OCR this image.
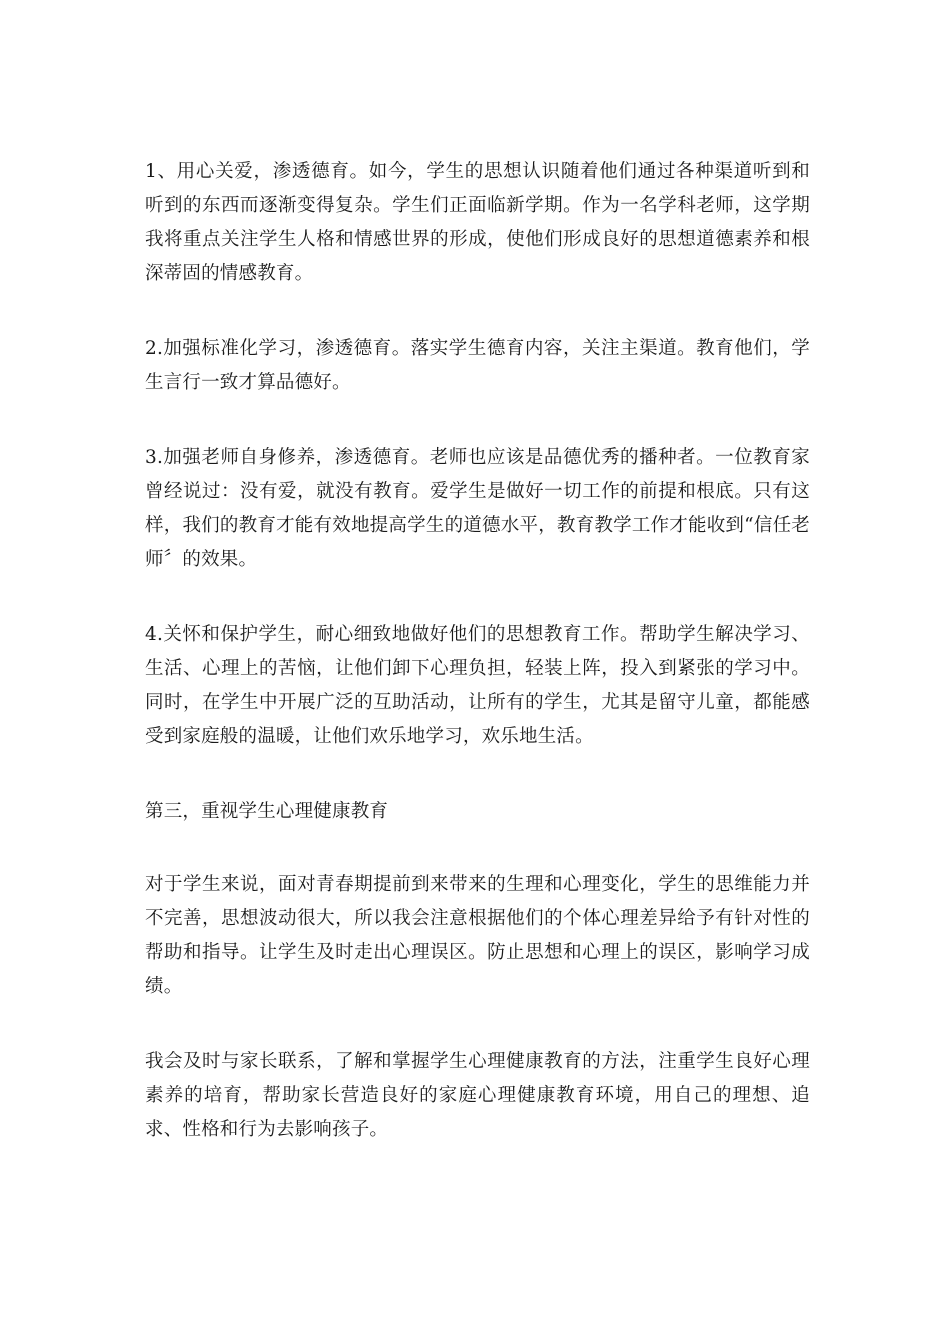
1、用心关爱，渗透德育。如今，学生的思想认识随着他们通过各种渠道听到和听到的东西而逐渐变得复杂。学生们正面临新学期。作为一名学科老师，这学期我将重点关注学生人格和情感世界的形成，使他们形成良好的思想道德素养和根深蒂固的情感教育。

2.加强标准化学习，渗透德育。落实学生德育内容，关注主渠道。教育他们，学生言行一致才算品德好。

3.加强老师自身修养，渗透德育。老师也应该是品德优秀的播种者。一位教育家曾经说过：没有爱，就没有教育。爱学生是做好一切工作的前提和根底。只有这样，我们的教育才能有效地提高学生的道德水平，教育教学工作才能收到“信任老师〞的效果。

4.关怀和保护学生，耐心细致地做好他们的思想教育工作。帮助学生解决学习、生活、心理上的苦恼，让他们卸下心理负担，轻装上阵，投入到紧张的学习中。同时，在学生中开展广泛的互助活动，让所有的学生，尤其是留守儿童，都能感受到家庭般的温暖，让他们欢乐地学习，欢乐地生活。

第三，重视学生心理健康教育

对于学生来说，面对青春期提前到来带来的生理和心理变化，学生的思维能力并不完善，思想波动很大，所以我会注意根据他们的个体心理差异给予有针对性的帮助和指导。让学生及时走出心理误区。防止思想和心理上的误区，影响学习成绩。

我会及时与家长联系，了解和掌握学生心理健康教育的方法，注重学生良好心理素养的培育，帮助家长营造良好的家庭心理健康教育环境，用自己的理想、追求、性格和行为去影响孩子。
